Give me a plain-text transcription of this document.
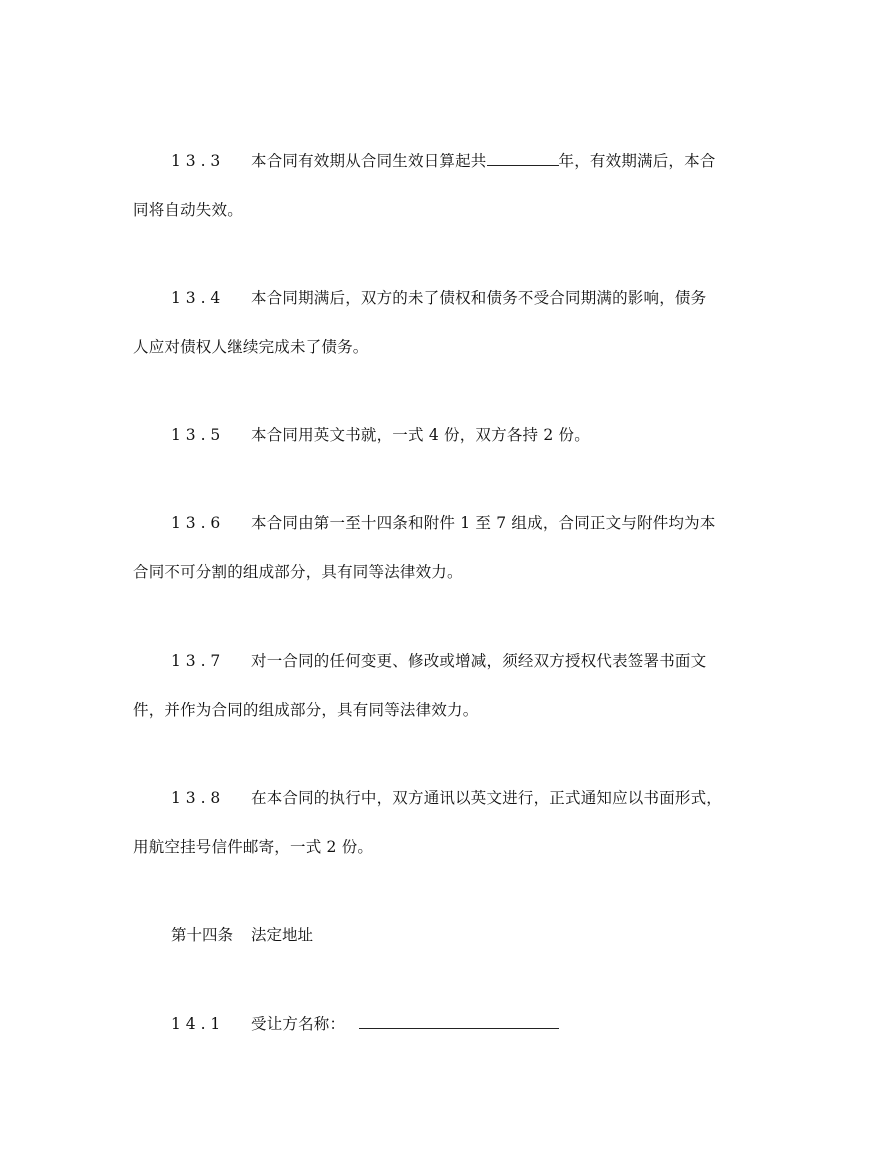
1 3 . 3 本合同有效期从合同生效日算起共	年，有效期满后，本合
同将自动失效。
1 3 . 4 本合同期满后，双方的未了债权和债务不受合同期满的影响，债务
人应对债权人继续完成未了债务。
1 3 . 5 本合同用英文书就，一式 4 份，双方各持 2 份。
1 3 . 6 本合同由第一至十四条和附件 1 至 7 组成，合同正文与附件均为本
合同不可分割的组成部分，具有同等法律效力。
1 3 . 7 对一合同的任何变更、修改或增减，须经双方授权代表签署书面文
件，并作为合同的组成部分，具有同等法律效力。
1 3 . 8 在本合同的执行中，双方通讯以英文进行，正式通知应以书面形式，
用航空挂号信件邮寄，一式 2 份。
第十四条 法定地址
1 4 . 1 受让方名称：
